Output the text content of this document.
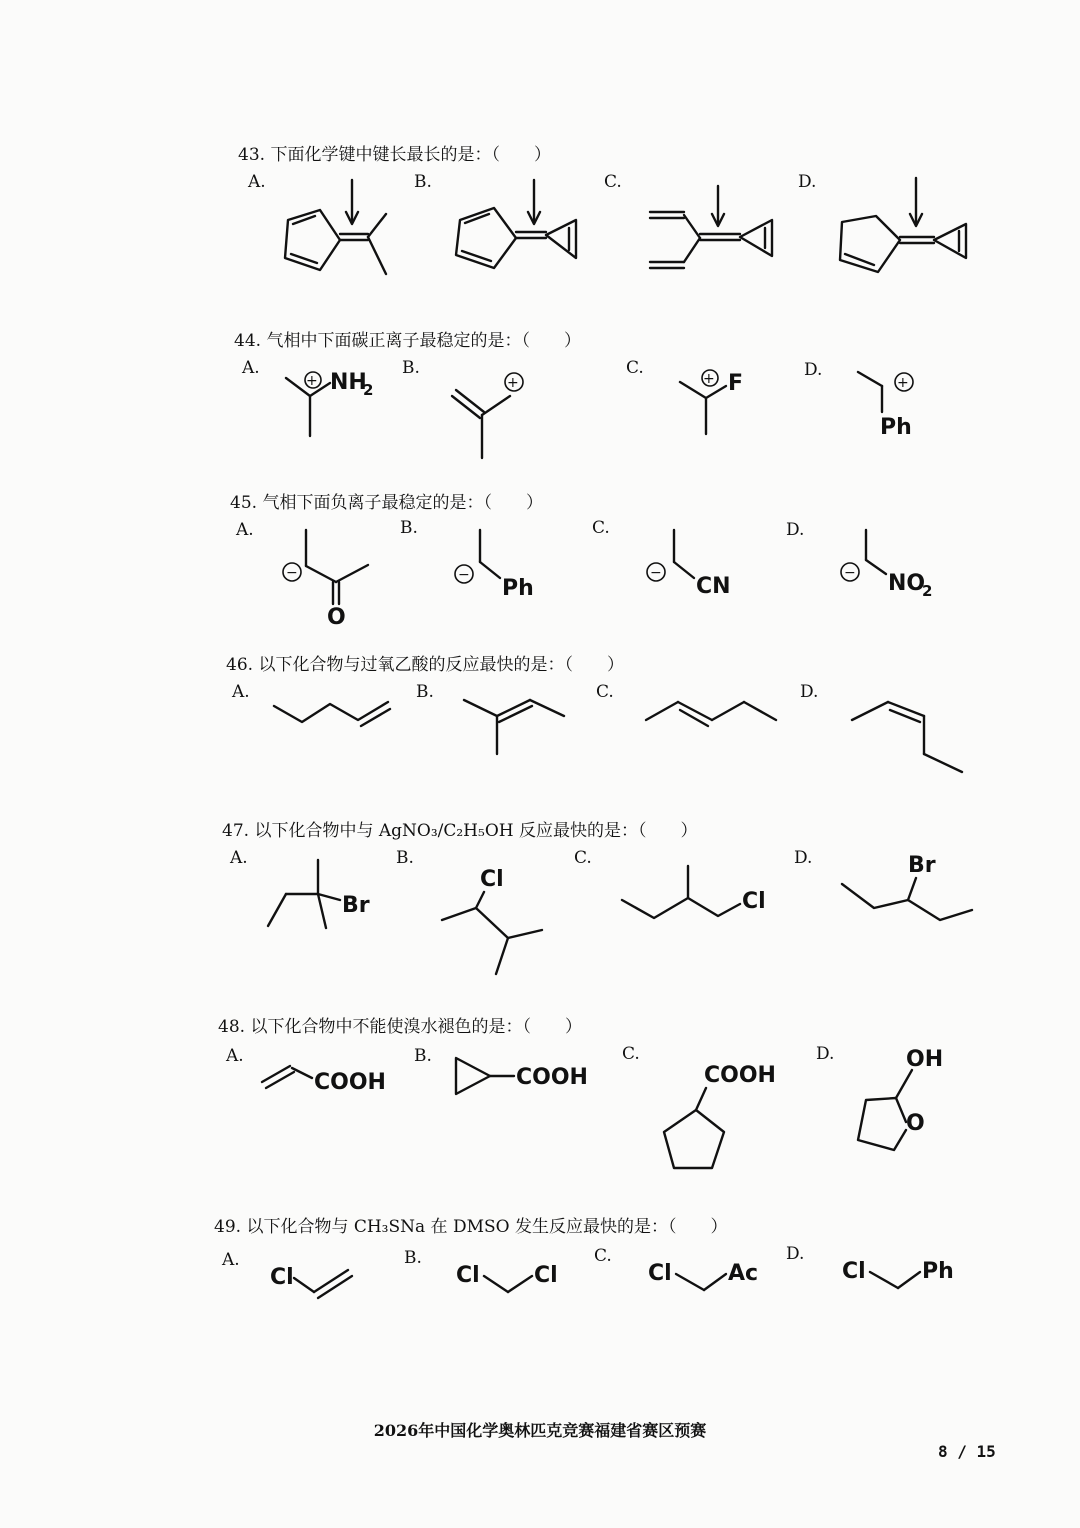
43. 下面化学键中键长最长的是：（　　）
A.	B.	C.	D.
44. 气相中下面碳正离子最稳定的是：（　　）
A.	B.	C.	D.
+ NH
2	+	+ F	+
Ph
45. 气相下面负离子最稳定的是：（　　）
A.	B.	C.	D.
−
O
−
Ph
−
CN
− NO
2
46. 以下化合物与过氧乙酸的反应最快的是：（　　）
A.	B.	C.	D.
47. 以下化合物中与 AgNO₃/C₂H₅OH 反应最快的是：（　　）
A.	B.	C.	D.
Br
Cl
Cl
Br
48. 以下化合物中不能使溴水褪色的是：（　　）
A.	B.	C.	D.
COOH	COOH	COOH
OH
O
49. 以下化合物与 CH₃SNa 在 DMSO 发生反应最快的是：（　　）
A.	B.	C.	D.
Cl	Cl Cl	Cl	Ac	Cl	Ph
2026年中国化学奥林匹克竞赛福建省赛区预赛
8 / 15
